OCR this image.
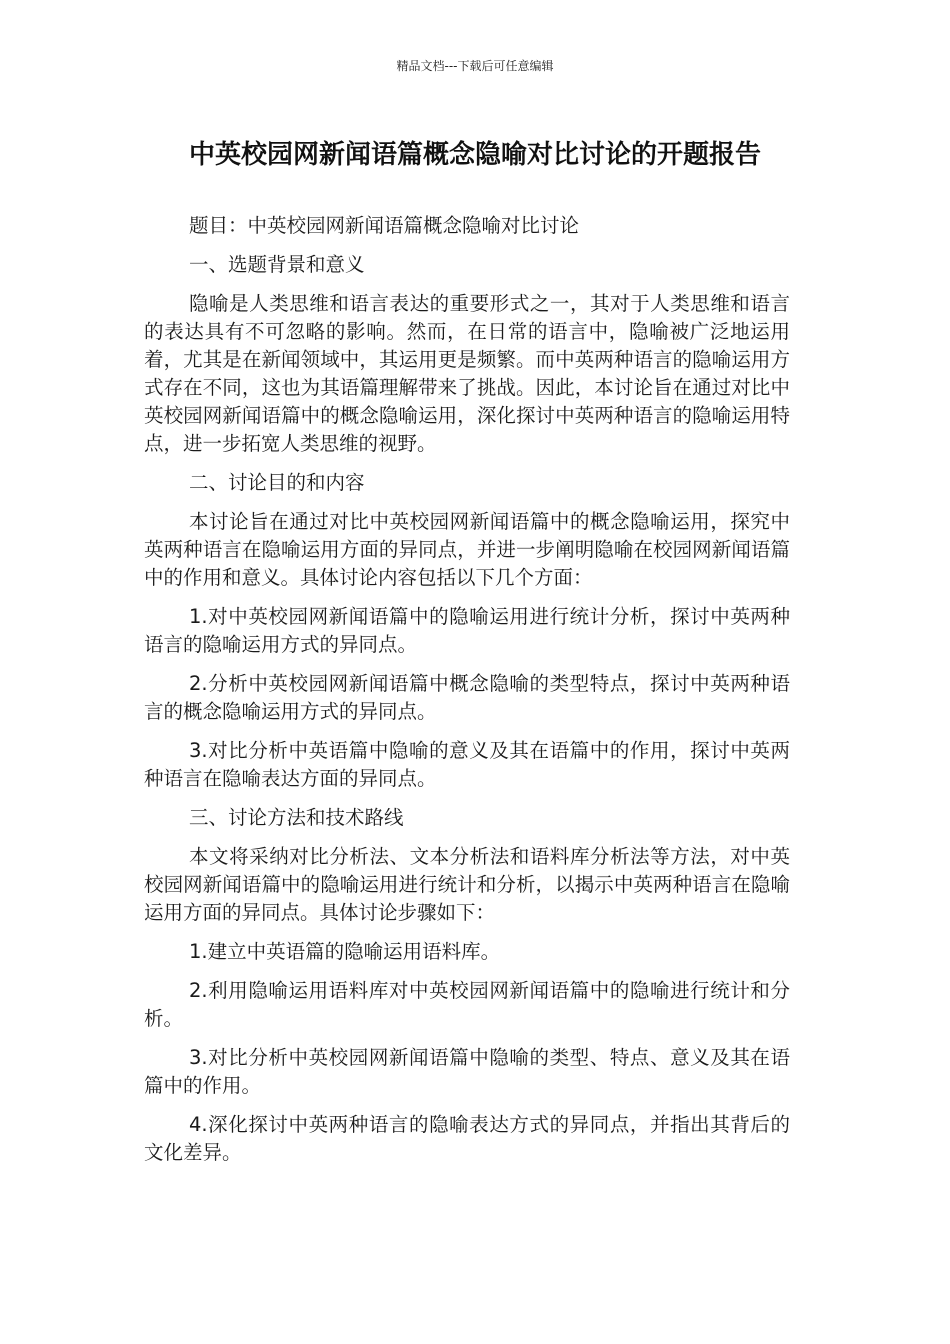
精品文档---下载后可任意编辑
中英校园网新闻语篇概念隐喻对比讨论的开题报告

题目：中英校园网新闻语篇概念隐喻对比讨论

一、选题背景和意义

隐喻是人类思维和语言表达的重要形式之一，其对于人类思维和语言的表达具有不可忽略的影响。然而，在日常的语言中，隐喻被广泛地运用着，尤其是在新闻领域中，其运用更是频繁。而中英两种语言的隐喻运用方式存在不同，这也为其语篇理解带来了挑战。因此，本讨论旨在通过对比中英校园网新闻语篇中的概念隐喻运用，深化探讨中英两种语言的隐喻运用特点，进一步拓宽人类思维的视野。

二、讨论目的和内容

本讨论旨在通过对比中英校园网新闻语篇中的概念隐喻运用，探究中英两种语言在隐喻运用方面的异同点，并进一步阐明隐喻在校园网新闻语篇中的作用和意义。具体讨论内容包括以下几个方面：

1.对中英校园网新闻语篇中的隐喻运用进行统计分析，探讨中英两种语言的隐喻运用方式的异同点。

2.分析中英校园网新闻语篇中概念隐喻的类型特点，探讨中英两种语言的概念隐喻运用方式的异同点。

3.对比分析中英语篇中隐喻的意义及其在语篇中的作用，探讨中英两种语言在隐喻表达方面的异同点。

三、讨论方法和技术路线

本文将采纳对比分析法、文本分析法和语料库分析法等方法，对中英校园网新闻语篇中的隐喻运用进行统计和分析，以揭示中英两种语言在隐喻运用方面的异同点。具体讨论步骤如下：

1.建立中英语篇的隐喻运用语料库。

2.利用隐喻运用语料库对中英校园网新闻语篇中的隐喻进行统计和分析。

3.对比分析中英校园网新闻语篇中隐喻的类型、特点、意义及其在语篇中的作用。

4.深化探讨中英两种语言的隐喻表达方式的异同点，并指出其背后的文化差异。
